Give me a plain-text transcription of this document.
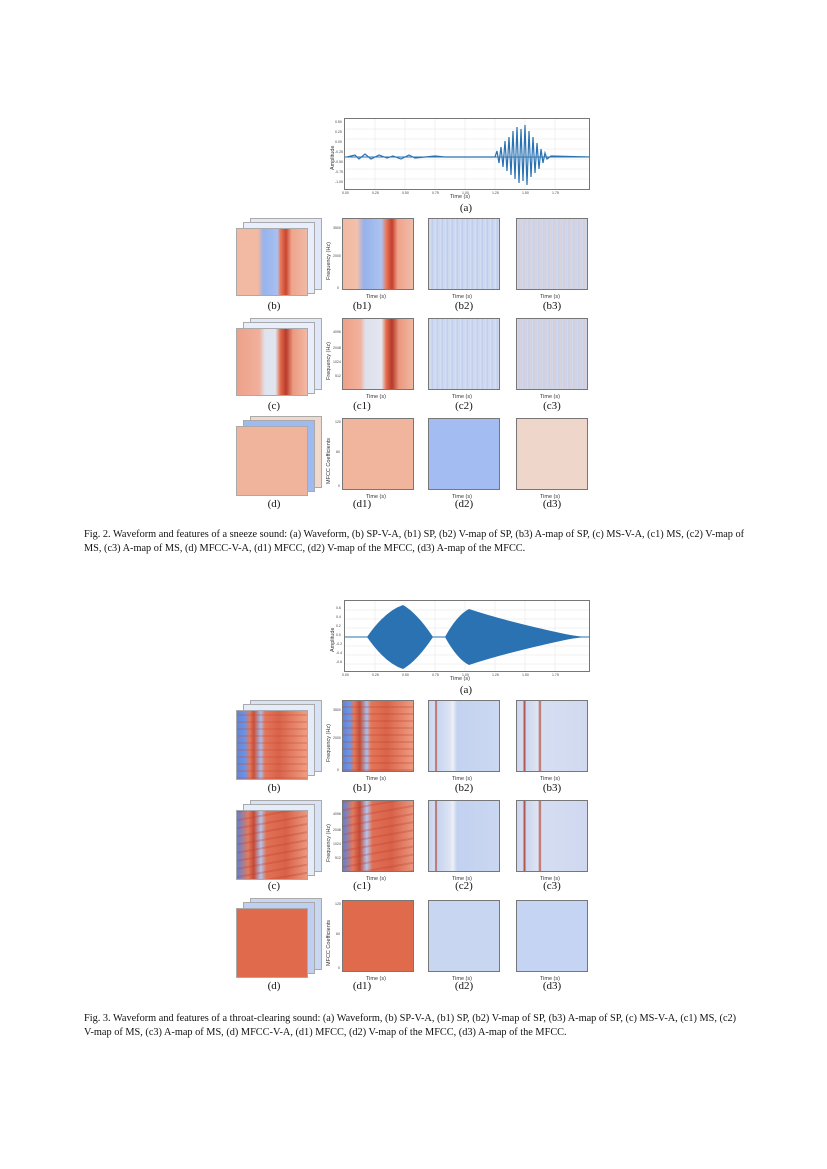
Amplitude
0.50
0.25
0.00
-0.25
-0.50
-0.75
-1.00
0.00	0.25	0.50	0.75	1.00	1.25	1.50	1.75
Time (s)
(a)
(b)
Frequency (Hz)
3500
2000
0
Time (s)
(b1)
Time (s)
(b2)
Time (s)
(b3)
(c)
Frequency (Hz)
4096
2048
1024
512
Time (s)
(c1)
Time (s)
(c2)
Time (s)
(c3)
(d)
MFCC Coefficients
120
60
0
Time (s)
(d1)
Time (s)
(d2)
Time (s)
(d3)

Fig. 2. Waveform and features of a sneeze sound: (a) Waveform, (b) SP-V-A, (b1) SP, (b2) V-map of SP, (b3) A-map of SP, (c) MS-V-A, (c1) MS, (c2) V-map of MS, (c3) A-map of MS, (d) MFCC-V-A, (d1) MFCC, (d2) V-map of the MFCC, (d3) A-map of the MFCC.

Amplitude
0.6
0.4
0.2
0.0
-0.2
-0.4
-0.6
0.00	0.25	0.50	0.75	1.00	1.25	1.50	1.75
Time (s)
(a)
(b)
Frequency (Hz)
3500
2000
0
Time (s)
(b1)
Time (s)
(b2)
Time (s)
(b3)
(c)
Frequency (Hz)
4096
2048
1024
512
Time (s)
(c1)
Time (s)
(c2)
Time (s)
(c3)
(d)
MFCC Coefficients
120
60
0
Time (s)
(d1)
Time (s)
(d2)
Time (s)
(d3)

Fig. 3. Waveform and features of a throat-clearing sound: (a) Waveform, (b) SP-V-A, (b1) SP, (b2) V-map of SP, (b3) A-map of SP, (c) MS-V-A, (c1) MS, (c2) V-map of MS, (c3) A-map of MS, (d) MFCC-V-A, (d1) MFCC, (d2) V-map of the MFCC, (d3) A-map of the MFCC.
